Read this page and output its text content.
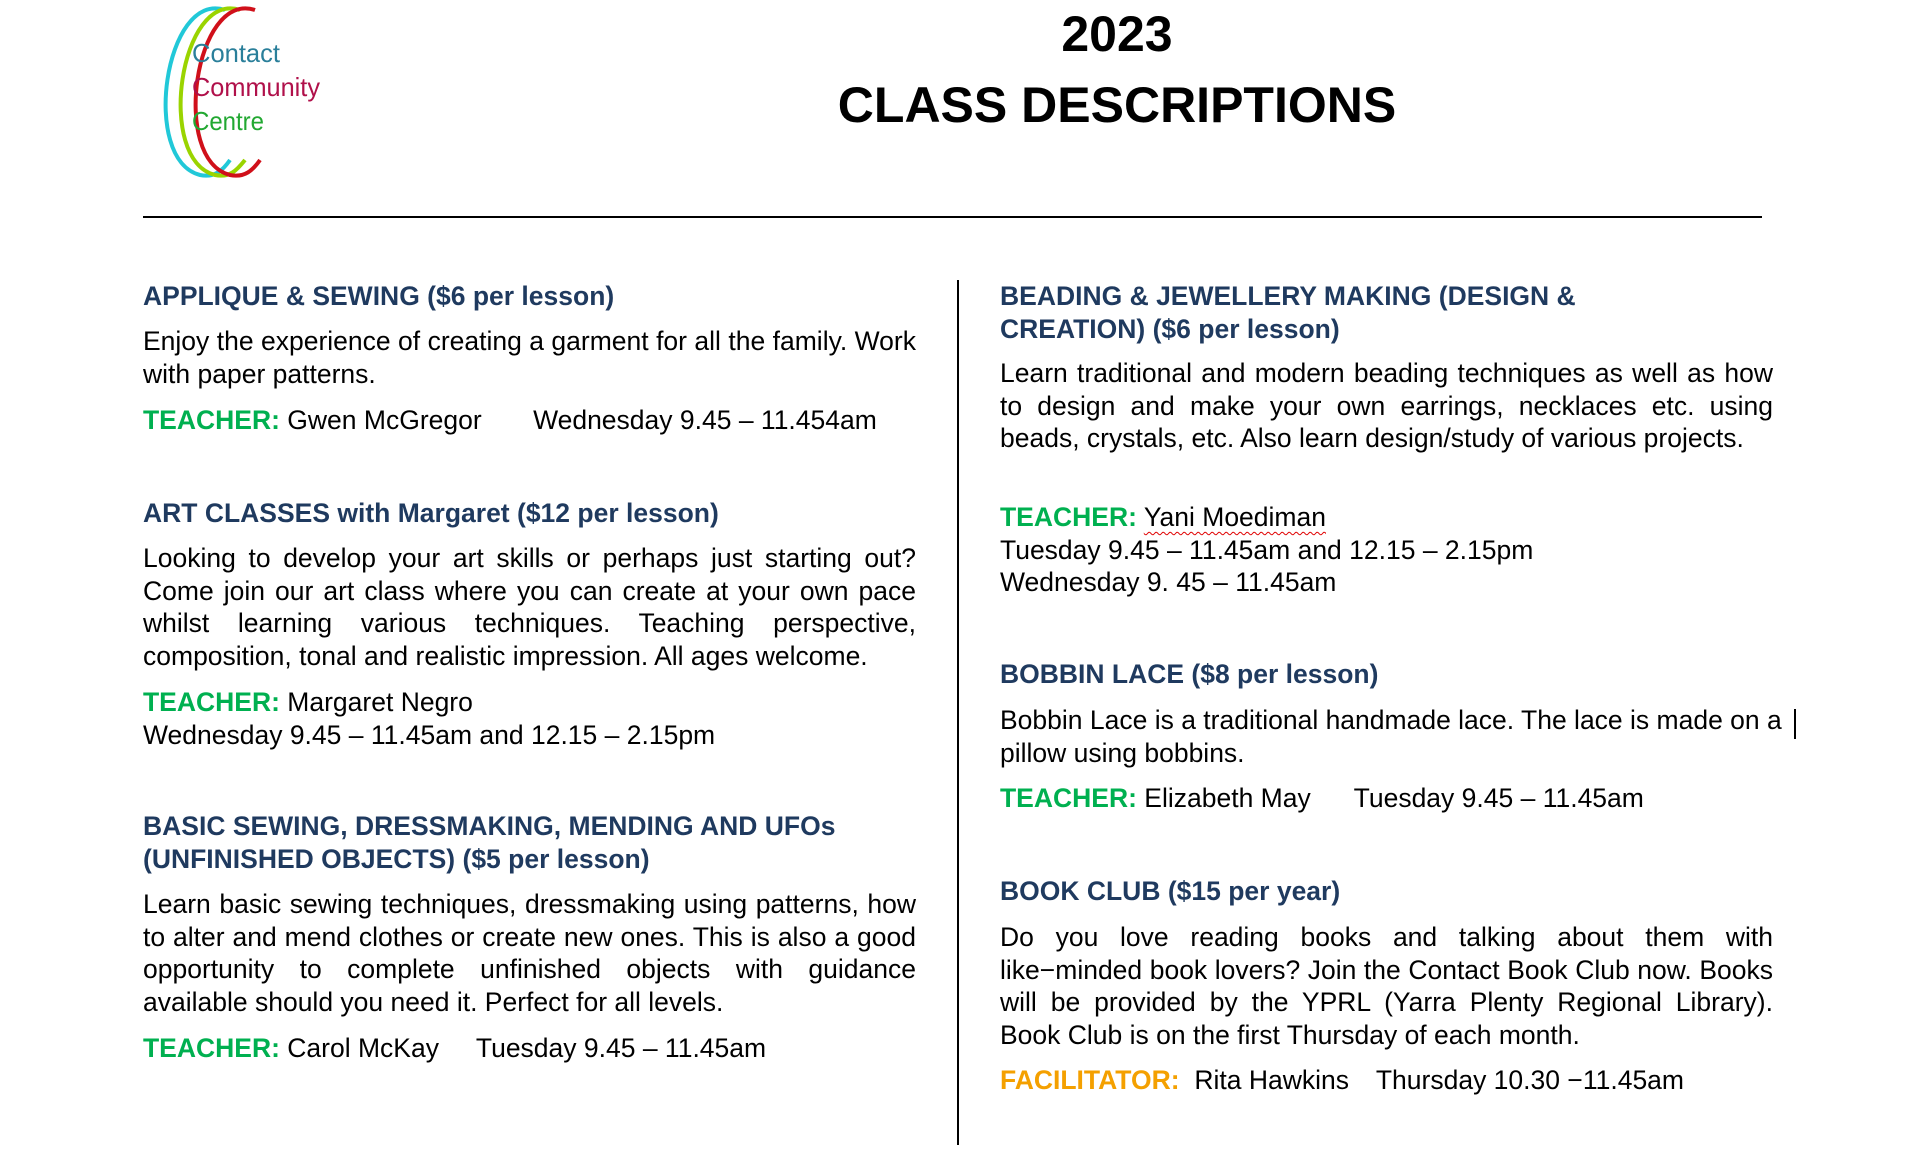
Contact
Community
Centre
2023
CLASS DESCRIPTIONS
APPLIQUE & SEWING ($6 per lesson)

Enjoy the experience of creating a garment for all the family. Work with paper patterns.

TEACHER: Gwen McGregor Wednesday 9.45 – 11.454am
ART CLASSES with Margaret ($12 per lesson)

Looking to develop your art skills or perhaps just starting out? Come join our art class where you can create at your own pace whilst learning various techniques. Teaching perspective, composition, tonal and realistic impression. All ages welcome.

TEACHER: Margaret Negro
Wednesday 9.45 – 11.45am and 12.15 – 2.15pm
BASIC SEWING, DRESSMAKING, MENDING AND UFOs (UNFINISHED OBJECTS) ($5 per lesson)

Learn basic sewing techniques, dressmaking using patterns, how to alter and mend clothes or create new ones. This is also a good opportunity to complete unfinished objects with guidance available should you need it. Perfect for all levels.

TEACHER: Carol McKay Tuesday 9.45 – 11.45am
BEADING & JEWELLERY MAKING (DESIGN & CREATION) ($6 per lesson)

Learn traditional and modern beading techniques as well as how to design and make your own earrings, necklaces etc. using beads, crystals, etc. Also learn design/study of various projects.

TEACHER: Yani Moediman
Tuesday 9.45 – 11.45am and 12.15 – 2.15pm
Wednesday 9. 45 – 11.45am
BOBBIN LACE ($8 per lesson)

Bobbin Lace is a traditional handmade lace. The lace is made on a pillow using bobbins.

TEACHER: Elizabeth May Tuesday 9.45 – 11.45am
BOOK CLUB ($15 per year)

Do you love reading books and talking about them with like−minded book lovers? Join the Contact Book Club now. Books will be provided by the YPRL (Yarra Plenty Regional Library). Book Club is on the first Thursday of each month.

FACILITATOR: Rita Hawkins Thursday 10.30 −11.45am
